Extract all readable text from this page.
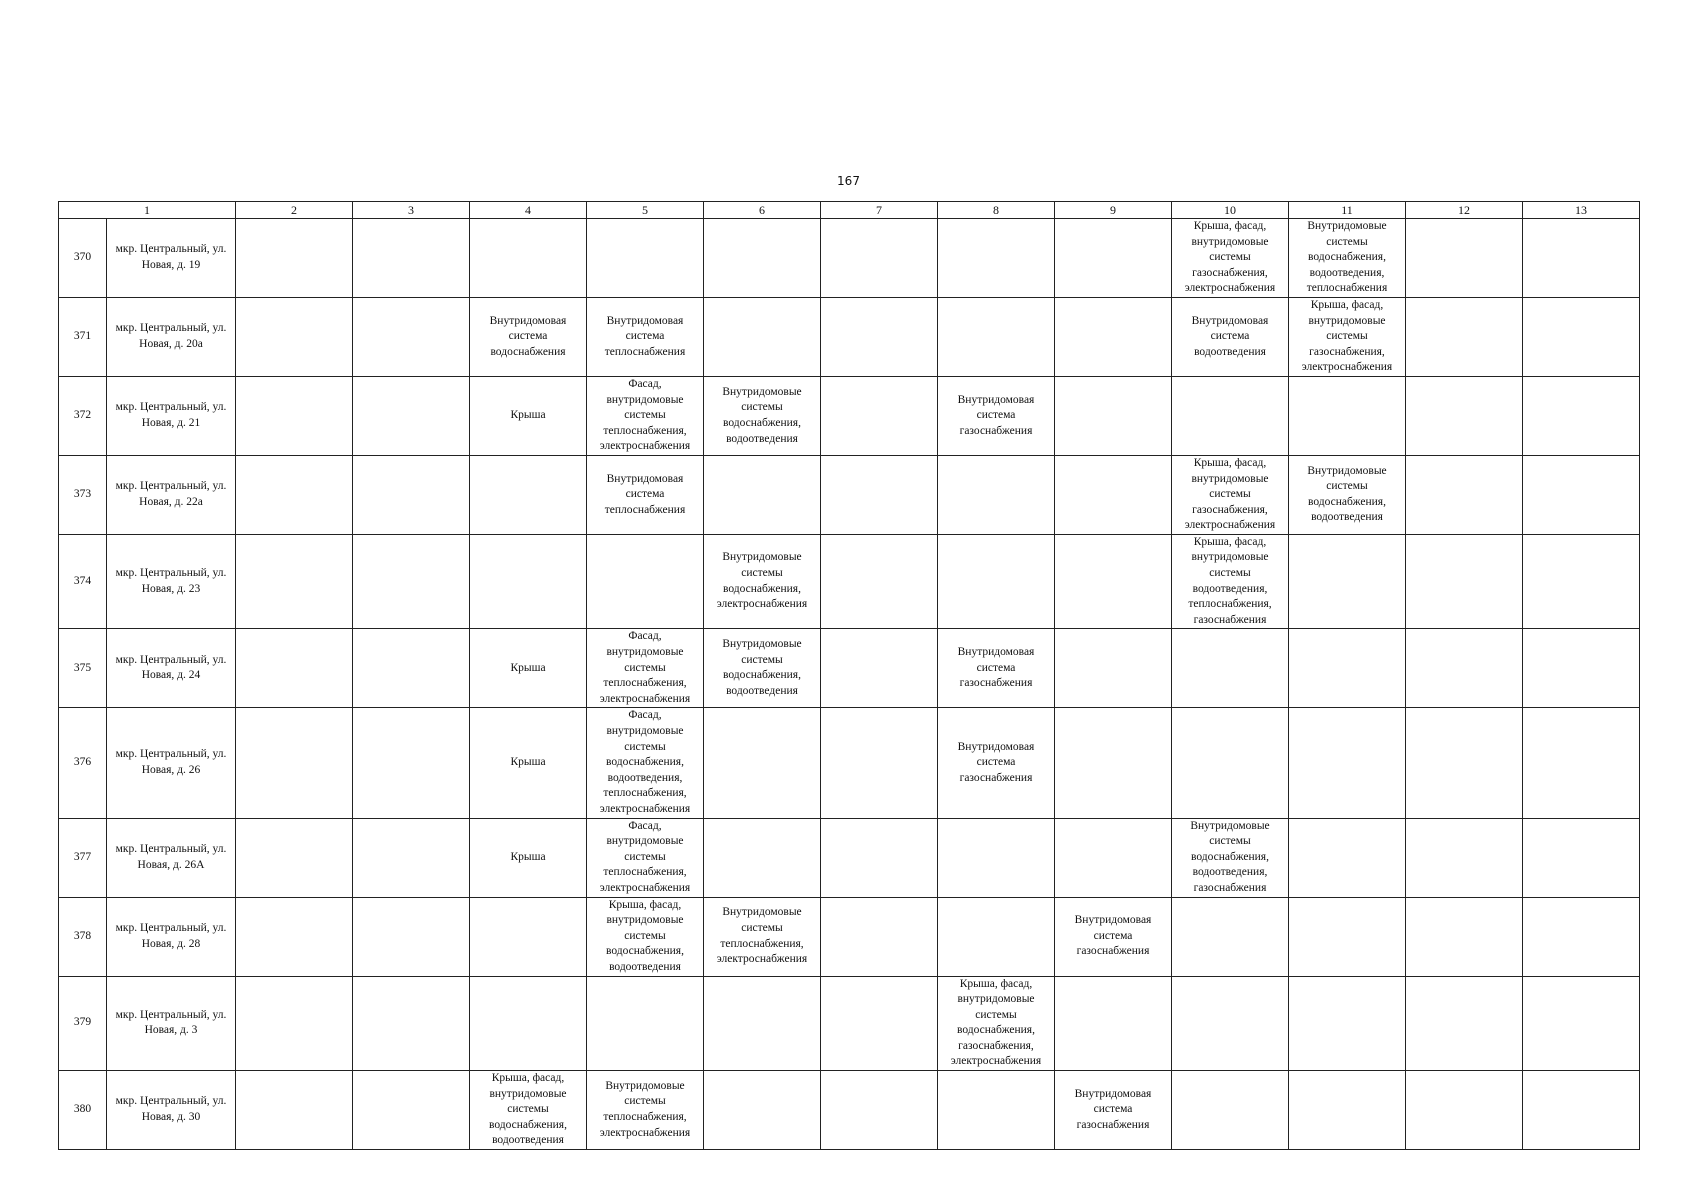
167
1		2	3	4	5	6	7	8	9	10	11	12	13
370	мкр. Центральный, ул. Новая, д. 19									Крыша, фасад, внутридомовые системы газоснабжения, электроснабжения	Внутридомовые системы водоснабжения, водоотведения, теплоснабжения		
371	мкр. Центральный, ул. Новая, д. 20а			Внутридомовая система водоснабжения	Внутридомовая система теплоснабжения					Внутридомовая система водоотведения	Крыша, фасад, внутридомовые системы газоснабжения, электроснабжения		
372	мкр. Центральный, ул. Новая, д. 21			Крыша	Фасад, внутридомовые системы теплоснабжения, электроснабжения	Внутридомовые системы водоснабжения, водоотведения		Внутридомовая система газоснабжения					
373	мкр. Центральный, ул. Новая, д. 22а				Внутридомовая система теплоснабжения					Крыша, фасад, внутридомовые системы газоснабжения, электроснабжения	Внутридомовые системы водоснабжения, водоотведения		
374	мкр. Центральный, ул. Новая, д. 23					Внутридомовые системы водоснабжения, электроснабжения				Крыша, фасад, внутридомовые системы водоотведения, теплоснабжения, газоснабжения			
375	мкр. Центральный, ул. Новая, д. 24			Крыша	Фасад, внутридомовые системы теплоснабжения, электроснабжения	Внутридомовые системы водоснабжения, водоотведения		Внутридомовая система газоснабжения					
376	мкр. Центральный, ул. Новая, д. 26			Крыша	Фасад, внутридомовые системы водоснабжения, водоотведения, теплоснабжения, электроснабжения			Внутридомовая система газоснабжения					
377	мкр. Центральный, ул. Новая, д. 26А			Крыша	Фасад, внутридомовые системы теплоснабжения, электроснабжения					Внутридомовые системы водоснабжения, водоотведения, газоснабжения			
378	мкр. Центральный, ул. Новая, д. 28				Крыша, фасад, внутридомовые системы водоснабжения, водоотведения	Внутридомовые системы теплоснабжения, электроснабжения			Внутридомовая система газоснабжения				
379	мкр. Центральный, ул. Новая, д. 3							Крыша, фасад, внутридомовые системы водоснабжения, газоснабжения, электроснабжения					
380	мкр. Центральный, ул. Новая, д. 30			Крыша, фасад, внутридомовые системы водоснабжения, водоотведения	Внутридомовые системы теплоснабжения, электроснабжения				Внутридомовая система газоснабжения				
